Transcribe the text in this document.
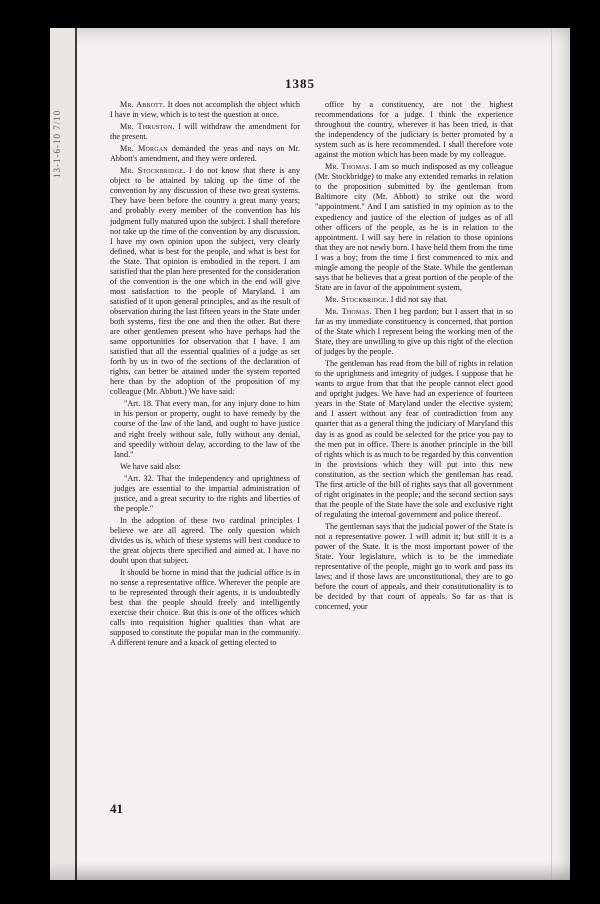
13-1-6-10 7/10
1385

Mr. Abbott. It does not accomplish the object which I have in view, which is to test the question at once.

Mr. Thruston. I will withdraw the amendment for the present.

Mr. Morgan demanded the yeas and nays on Mr. Abbott's amendment, and they were ordered.

Mr. Stockbridge. I do not know that there is any object to be attained by taking up the time of the convention by any discussion of these two great systems. They have been before the country a great many years; and probably every member of the convention has his judgment fully matured upon the subject. I shall therefore not take up the time of the convention by any discussion. I have my own opinion upon the subject, very clearly defined, what is best for the people, and what is best for the State. That opinion is embodied in the report. I am satisfied that the plan here presented for the consideration of the convention is the one which in the end will give most satisfaction to the people of Maryland. I am satisfied of it upon general principles, and as the result of observation during the last fifteen years in the State under both systems, first the one and then the other. But there are other gentlemen present who have perhaps had the same opportunities for observation that I have. I am satisfied that all the essential qualities of a judge as set forth by us in two of the sections of the declaration of rights, can better be attained under the system reported here than by the adoption of the proposition of my colleague (Mr. Abbott.) We have said:

"Art. 18. That every man, for any injury done to him in his person or property, ought to have remedy by the course of the law of the land, and ought to have justice and right freely without sale, fully without any denial, and speedily without delay, according to the law of the land."

We have said also:

"Art. 32. That the independency and uprightness of judges are essential to the impartial administration of justice, and a great security to the rights and liberties of the people."

In the adoption of these two cardinal principles I believe we are all agreed. The only question which divides us is, which of these systems will best conduce to the great objects there specified and aimed at. I have no doubt upon that subject.

It should be borne in mind that the judicial office is in no sense a representative office. Wherever the people are to be represented through their agents, it is undoubtedly best that the people should freely and intelligently exercise their choice. But this is one of the offices which calls into requisition higher qualities than what are supposed to constitute the popular man in the community. A different tenure and a knack of getting elected to

office by a constituency, are not the highest recommendations for a judge. I think the experience throughout the country, wherever it has been tried, is that the independency of the judiciary is better promoted by a system such as is here recommended. I shall therefore vote against the motion which has been made by my colleague.

Mr. Thomas. I am so much indisposed as my colleague (Mr. Stockbridge) to make any extended remarks in relation to the proposition submitted by the gentleman from Baltimore city (Mr. Abbott) to strike out the word "appointment." And I am satisfied in my opinion as to the expediency and justice of the election of judges as of all other officers of the people, as he is in relation to the appointment. I will say here in relation to those opinions that they are not newly born. I have held them from the time I was a boy; from the time I first commenced to mix and mingle among the people of the State. While the gentleman says that he believes that a great portion of the people of the State are in favor of the appointment system,

Mr. Stockbridge. I did not say that.

Mr. Thomas. Then I beg pardon; but I assert that in so far as my immediate constituency is concerned, that portion of the State which I represent being the working men of the State, they are unwilling to give up this right of the election of judges by the people.

The gentleman has read from the bill of rights in relation to the uprightness and integrity of judges. I suppose that he wants to argue from that that the people cannot elect good and upright judges. We have had an experience of fourteen years in the State of Maryland under the elective system; and I assert without any fear of contradiction from any quarter that as a general thing the judiciary of Maryland this day is as good as could be selected for the price you pay to the men put in office. There is another principle in the bill of rights which is as much to be regarded by this convention in the provisions which they will put into this new constitution, as the section which the gentleman has read. The first article of the bill of rights says that all government of right originates in the people; and the second section says that the people of the State have the sole and exclusive right of regulating the internal government and police thereof.

The gentleman says that the judicial power of the State is not a representative power. I will admit it; but still it is a power of the State. It is the most important power of the State. Your legislature, which is to be the immediate representative of the people, might go to work and pass its laws; and if those laws are unconstitutional, they are to go before the court of appeals, and their constitutionality is to be decided by that court of appeals. So far as that is concerned, your

41
